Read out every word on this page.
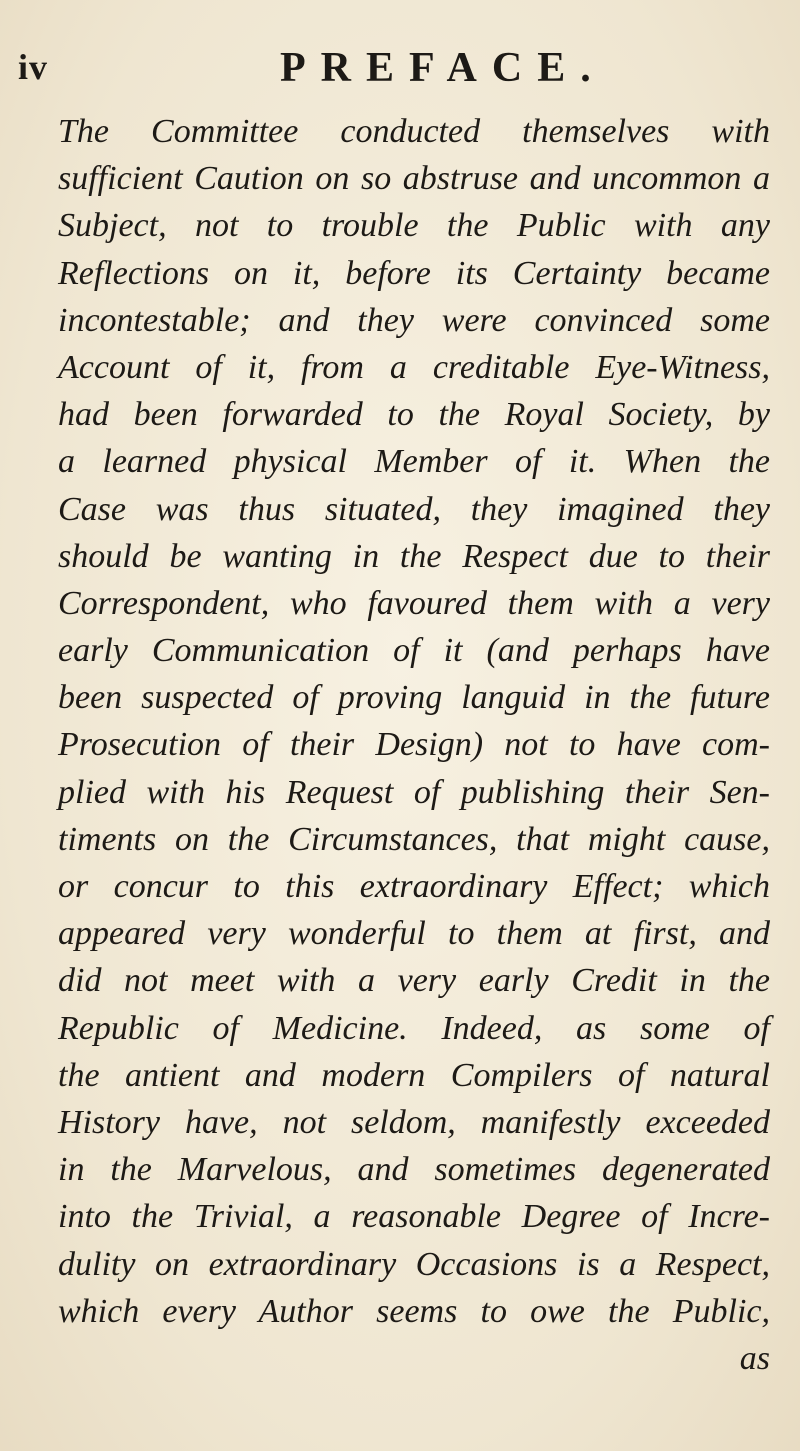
iv	PREFACE.
The Committee conducted themselves with
sufficient Caution on so abstruse and uncommon a
Subject, not to trouble the Public with any
Reflections on it, before its Certainty became
incontestable; and they were convinced some
Account of it, from a creditable Eye-Witness,
had been forwarded to the Royal Society, by
a learned physical Member of it. When the
Case was thus situated, they imagined they
should be wanting in the Respect due to their
Correspondent, who favoured them with a very
early Communication of it (and perhaps have
been suspected of proving languid in the future
Prosecution of their Design) not to have com-
plied with his Request of publishing their Sen-
timents on the Circumstances, that might cause,
or concur to this extraordinary Effect; which
appeared very wonderful to them at first, and
did not meet with a very early Credit in the
Republic of Medicine. Indeed, as some of
the antient and modern Compilers of natural
History have, not seldom, manifestly exceeded
in the Marvelous, and sometimes degenerated
into the Trivial, a reasonable Degree of Incre-
dulity on extraordinary Occasions is a Respect,
which every Author seems to owe the Public,
as
